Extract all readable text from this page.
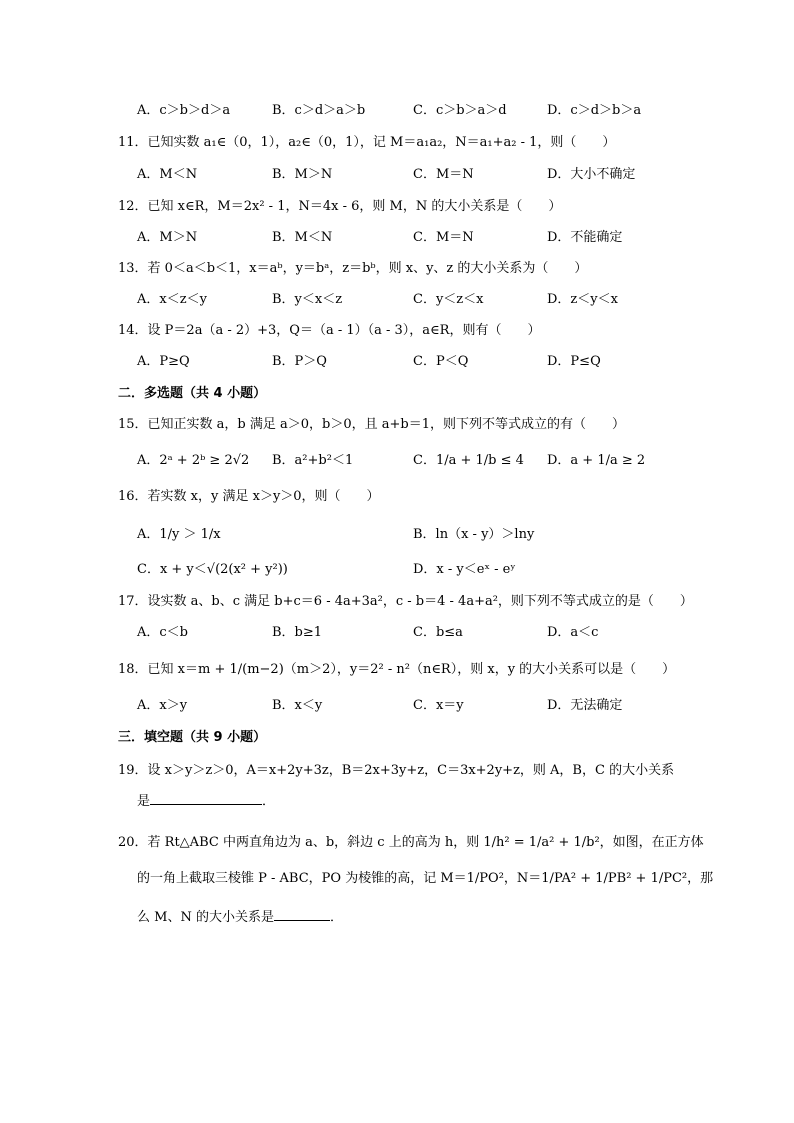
A．c＞b＞d＞a	B．c＞d＞a＞b	C．c＞b＞a＞d	D．c＞d＞b＞a
11．已知实数 a₁∈（0，1），a₂∈（0，1），记 M＝a₁a₂，N＝a₁+a₂ - 1，则（　　）
A．M＜N	B．M＞N	C．M＝N	D．大小不确定
12．已知 x∈R，M＝2x² - 1，N＝4x - 6，则 M，N 的大小关系是（　　）
A．M＞N	B．M＜N	C．M＝N	D．不能确定
13．若 0＜a＜b＜1，x＝aᵇ，y＝bᵃ，z＝bᵇ，则 x、y、z 的大小关系为（　　）
A．x＜z＜y	B．y＜x＜z	C．y＜z＜x	D．z＜y＜x
14．设 P＝2a（a - 2）+3，Q＝（a - 1）（a - 3），a∈R，则有（　　）
A．P≥Q	B．P＞Q	C．P＜Q	D．P≤Q
15．已知正实数 a，b 满足 a＞0，b＞0，且 a+b＝1，则下列不等式成立的有（　　）
A．2ᵃ + 2ᵇ ≥ 2√2 B．a²+b²＜1	C．1/a + 1/b ≤ 4 D．a + 1/a ≥ 2
16．若实数 x，y 满足 x＞y＞0，则（　　）
A．1/y ＞ 1/x	B．ln（x - y）＞lny
C．x + y＜√(2(x² + y²))	D．x - y＜eˣ - eʸ
17．设实数 a、b、c 满足 b+c＝6 - 4a+3a²，c - b＝4 - 4a+a²，则下列不等式成立的是（　　）
A．c＜b	B．b≥1	C．b≤a	D．a＜c
18．已知 x＝m + 1/(m−2)（m＞2），y＝2² - n²（n∈R），则 x，y 的大小关系可以是（　　）
A．x＞y	B．x＜y	C．x＝y	D．无法确定
19．设 x＞y＞z＞0，A＝x+2y+3z，B＝2x+3y+z，C＝3x+2y+z，则 A，B，C 的大小关系
20．若 Rt△ABC 中两直角边为 a、b，斜边 c 上的高为 h，则 1/h² = 1/a² + 1/b²，如图，在正方体
的一角上截取三棱锥 P - ABC，PO 为棱锥的高，记 M＝1/PO²，N＝1/PA² + 1/PB² + 1/PC²，那
二．多选题（共 4 小题）
三．填空题（共 9 小题）
是	．
么 M、N 的大小关系是	．
